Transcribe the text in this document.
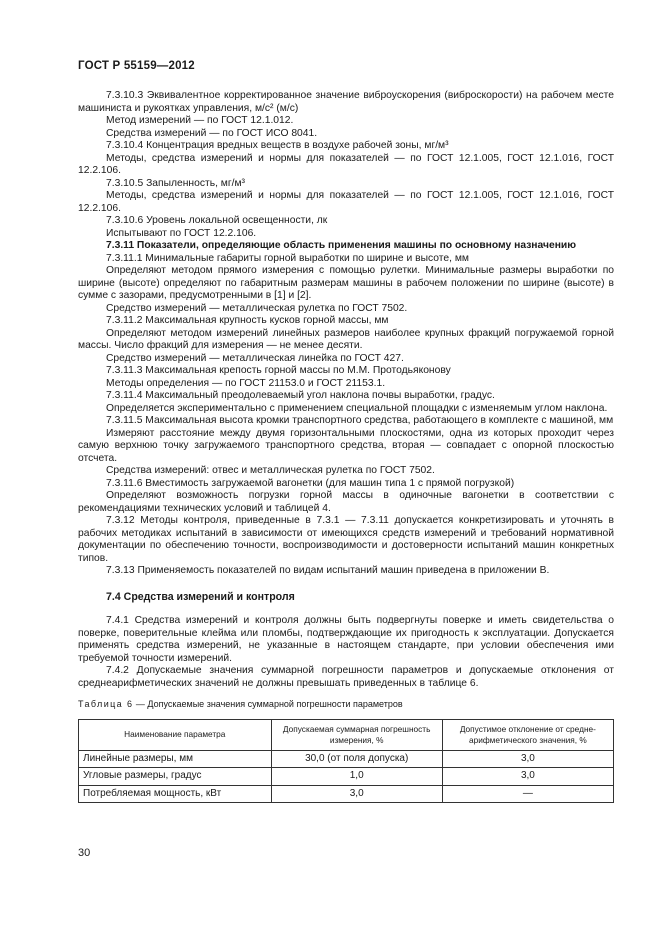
ГОСТ Р 55159—2012

7.3.10.3 Эквивалентное корректированное значение виброускорения (виброскорости) на рабочем месте машиниста и рукоятках управления, м/с² (м/с)

Метод измерений — по ГОСТ 12.1.012.

Средства измерений — по ГОСТ ИСО 8041.

7.3.10.4 Концентрация вредных веществ в воздухе рабочей зоны, мг/м³

Методы, средства измерений и нормы для показателей — по ГОСТ 12.1.005, ГОСТ 12.1.016, ГОСТ 12.2.106.

7.3.10.5 Запыленность, мг/м³

Методы, средства измерений и нормы для показателей — по ГОСТ 12.1.005, ГОСТ 12.1.016, ГОСТ 12.2.106.

7.3.10.6 Уровень локальной освещенности, лк

Испытывают по ГОСТ 12.2.106.

7.3.11 Показатели, определяющие область применения машины по основному назначению

7.3.11.1 Минимальные габариты горной выработки по ширине и высоте, мм

Определяют методом прямого измерения с помощью рулетки. Минимальные размеры выработки по ширине (высоте) определяют по габаритным размерам машины в рабочем положении по ширине (высоте) в сумме с зазорами, предусмотренными в [1] и [2].

Средство измерений — металлическая рулетка по ГОСТ 7502.

7.3.11.2 Максимальная крупность кусков горной массы, мм

Определяют методом измерений линейных размеров наиболее крупных фракций погружаемой горной массы. Число фракций для измерения — не менее десяти.

Средство измерений — металлическая линейка по ГОСТ 427.

7.3.11.3 Максимальная крепость горной массы по М.М. Протодьяконову

Методы определения — по ГОСТ 21153.0 и ГОСТ 21153.1.

7.3.11.4 Максимальный преодолеваемый угол наклона почвы выработки, градус.

Определяется экспериментально с применением специальной площадки с изменяемым углом наклона.

7.3.11.5 Максимальная высота кромки транспортного средства, работающего в комплекте с машиной, мм

Измеряют расстояние между двумя горизонтальными плоскостями, одна из которых проходит через самую верхнюю точку загружаемого транспортного средства, вторая — совпадает с опорной плоскостью отсчета.

Средства измерений: отвес и металлическая рулетка по ГОСТ 7502.

7.3.11.6 Вместимость загружаемой вагонетки (для машин типа 1 с прямой погрузкой)

Определяют возможность погрузки горной массы в одиночные вагонетки в соответствии с рекомендациями технических условий и таблицей 4.

7.3.12 Методы контроля, приведенные в 7.3.1 — 7.3.11 допускается конкретизировать и уточнять в рабочих методиках испытаний в зависимости от имеющихся средств измерений и требований нормативной документации по обеспечению точности, воспроизводимости и достоверности испытаний машин конкретных типов.

7.3.13 Применяемость показателей по видам испытаний машин приведена в приложении В.

7.4 Средства измерений и контроля

7.4.1 Средства измерений и контроля должны быть подвергнуты поверке и иметь свидетельства о поверке, поверительные клейма или пломбы, подтверждающие их пригодность к эксплуатации. Допускается применять средства измерений, не указанные в настоящем стандарте, при условии обеспечения ими требуемой точности измерений.

7.4.2 Допускаемые значения суммарной погрешности параметров и допускаемые отклонения от среднеарифметических значений не должны превышать приведенных в таблице 6.

Таблица 6 — Допускаемые значения суммарной погрешности параметров
Наименование параметра	Допускаемая суммарная погрешность измерения, %	Допустимое отклонение от средне-арифметического значения, %
Линейные размеры, мм	30,0 (от поля допуска)	3,0
Угловые размеры, градус	1,0	3,0
Потребляемая мощность, кВт	3,0	—
30
